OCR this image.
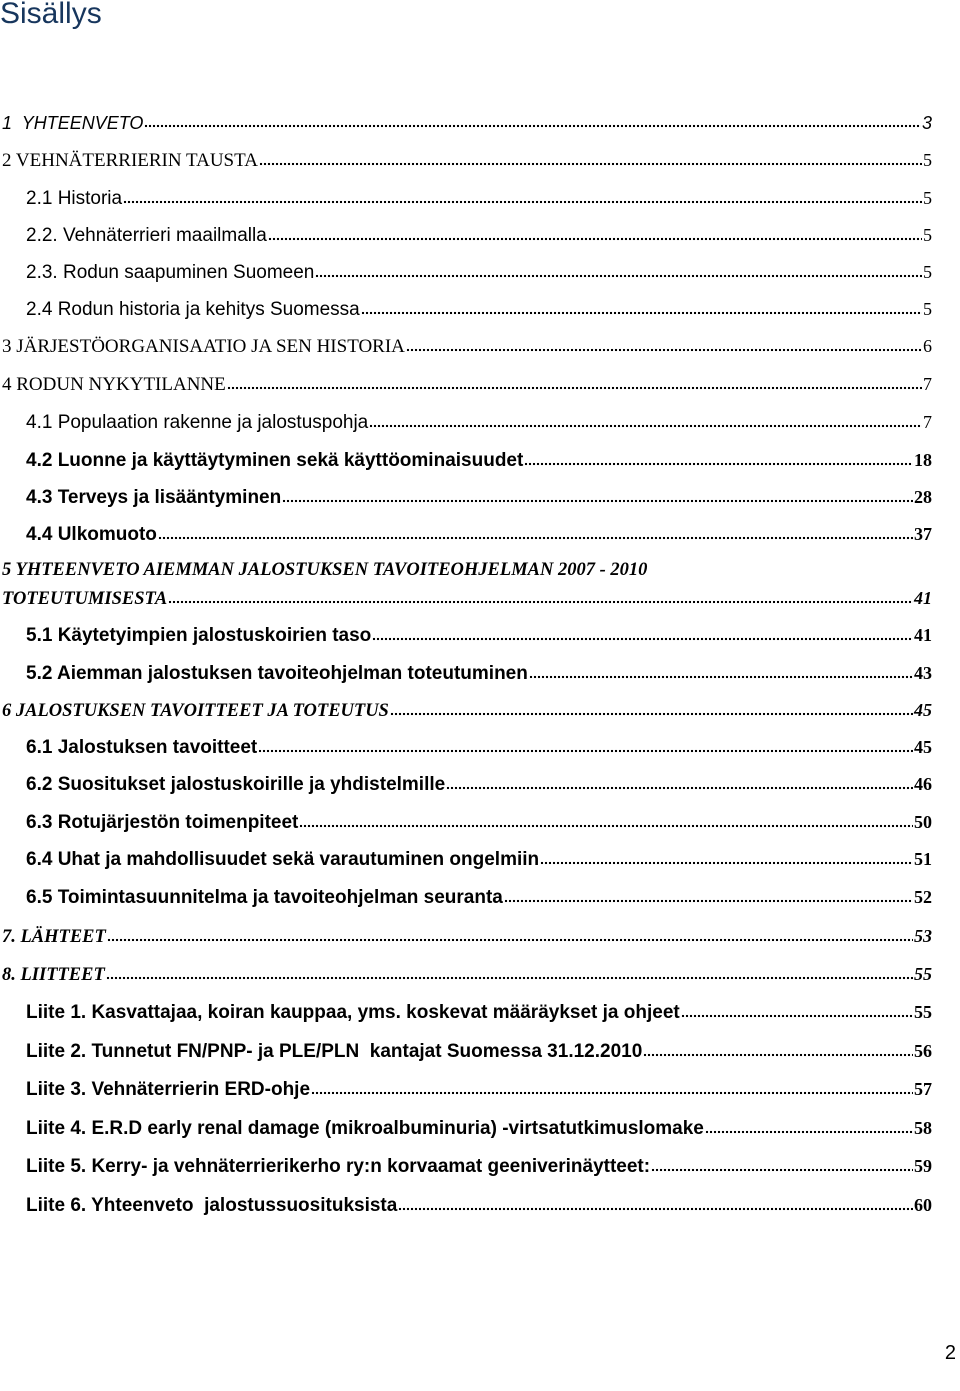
Sisällys
1  YHTEENVETO	3
2 VEHNÄTERRIERIN TAUSTA	5
2.1 Historia	5
2.2. Vehnäterrieri maailmalla	5
2.3. Rodun saapuminen Suomeen	5
2.4 Rodun historia ja kehitys Suomessa	5
3 JÄRJESTÖORGANISAATIO JA SEN HISTORIA	6
4 RODUN NYKYTILANNE	7
4.1 Populaation rakenne ja jalostuspohja	7
4.2 Luonne ja käyttäytyminen sekä käyttöominaisuudet	18
4.3 Terveys ja lisääntyminen	28
4.4 Ulkomuoto	37
5 YHTEENVETO AIEMMAN JALOSTUKSEN TAVOITEOHJELMAN 2007 - 2010
TOTEUTUMISESTA	41
5.1 Käytetyimpien jalostuskoirien taso	41
5.2 Aiemman jalostuksen tavoiteohjelman toteutuminen	43
6 JALOSTUKSEN TAVOITTEET JA TOTEUTUS	45
6.1 Jalostuksen tavoitteet	45
6.2 Suositukset jalostuskoirille ja yhdistelmille	46
6.3 Rotujärjestön toimenpiteet	50
6.4 Uhat ja mahdollisuudet sekä varautuminen ongelmiin	51
6.5 Toimintasuunnitelma ja tavoiteohjelman seuranta	52
7. LÄHTEET	53
8. LIITTEET	55
Liite 1. Kasvattajaa, koiran kauppaa, yms. koskevat määräykset ja ohjeet	55
Liite 2. Tunnetut FN/PNP- ja PLE/PLN  kantajat Suomessa 31.12.2010	56
Liite 3. Vehnäterrierin ERD-ohje	57
Liite 4. E.R.D early renal damage (mikroalbuminuria) -virtsatutkimuslomake	58
Liite 5. Kerry- ja vehnäterrierikerho ry:n korvaamat geeniverinäytteet:	59
Liite 6. Yhteenveto  jalostussuosituksista	60
2
